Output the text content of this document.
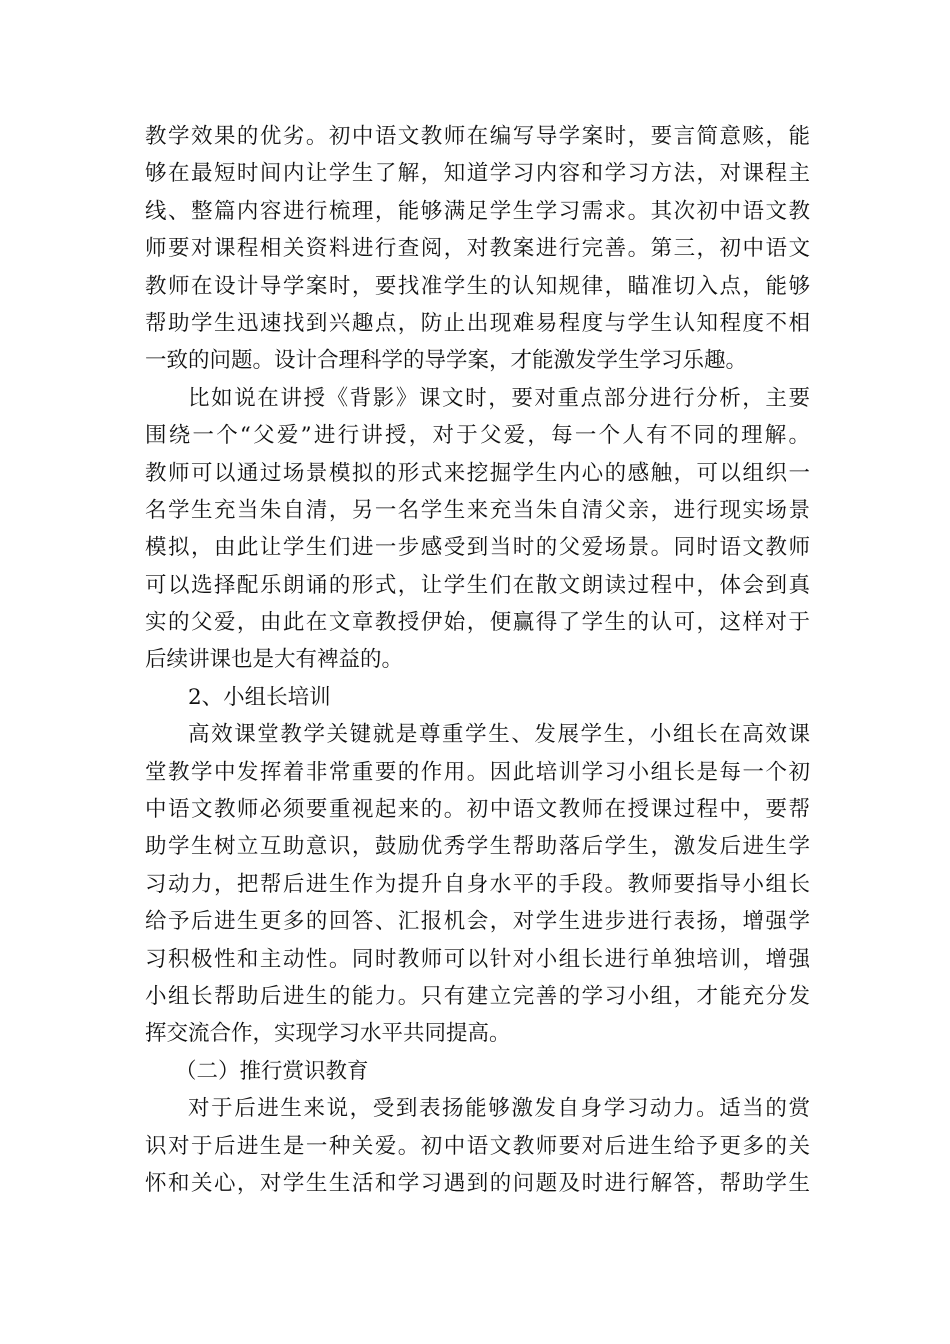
教学效果的优劣。初中语文教师在编写导学案时，要言简意赅，能
够在最短时间内让学生了解，知道学习内容和学习方法，对课程主
线、整篇内容进行梳理，能够满足学生学习需求。其次初中语文教
师要对课程相关资料进行查阅，对教案进行完善。第三，初中语文
教师在设计导学案时，要找准学生的认知规律，瞄准切入点，能够
帮助学生迅速找到兴趣点，防止出现难易程度与学生认知程度不相
一致的问题。设计合理科学的导学案，才能激发学生学习乐趣。
比如说在讲授《背影》课文时，要对重点部分进行分析，主要
围绕一个“父爱”进行讲授，对于父爱，每一个人有不同的理解。
教师可以通过场景模拟的形式来挖掘学生内心的感触，可以组织一
名学生充当朱自清，另一名学生来充当朱自清父亲，进行现实场景
模拟，由此让学生们进一步感受到当时的父爱场景。同时语文教师
可以选择配乐朗诵的形式，让学生们在散文朗读过程中，体会到真
实的父爱，由此在文章教授伊始，便赢得了学生的认可，这样对于
后续讲课也是大有裨益的。
2、小组长培训
高效课堂教学关键就是尊重学生、发展学生，小组长在高效课
堂教学中发挥着非常重要的作用。因此培训学习小组长是每一个初
中语文教师必须要重视起来的。初中语文教师在授课过程中，要帮
助学生树立互助意识，鼓励优秀学生帮助落后学生，激发后进生学
习动力，把帮后进生作为提升自身水平的手段。教师要指导小组长
给予后进生更多的回答、汇报机会，对学生进步进行表扬，增强学
习积极性和主动性。同时教师可以针对小组长进行单独培训，增强
小组长帮助后进生的能力。只有建立完善的学习小组，才能充分发
挥交流合作，实现学习水平共同提高。
（二）推行赏识教育
对于后进生来说，受到表扬能够激发自身学习动力。适当的赏
识对于后进生是一种关爱。初中语文教师要对后进生给予更多的关
怀和关心，对学生生活和学习遇到的问题及时进行解答，帮助学生
